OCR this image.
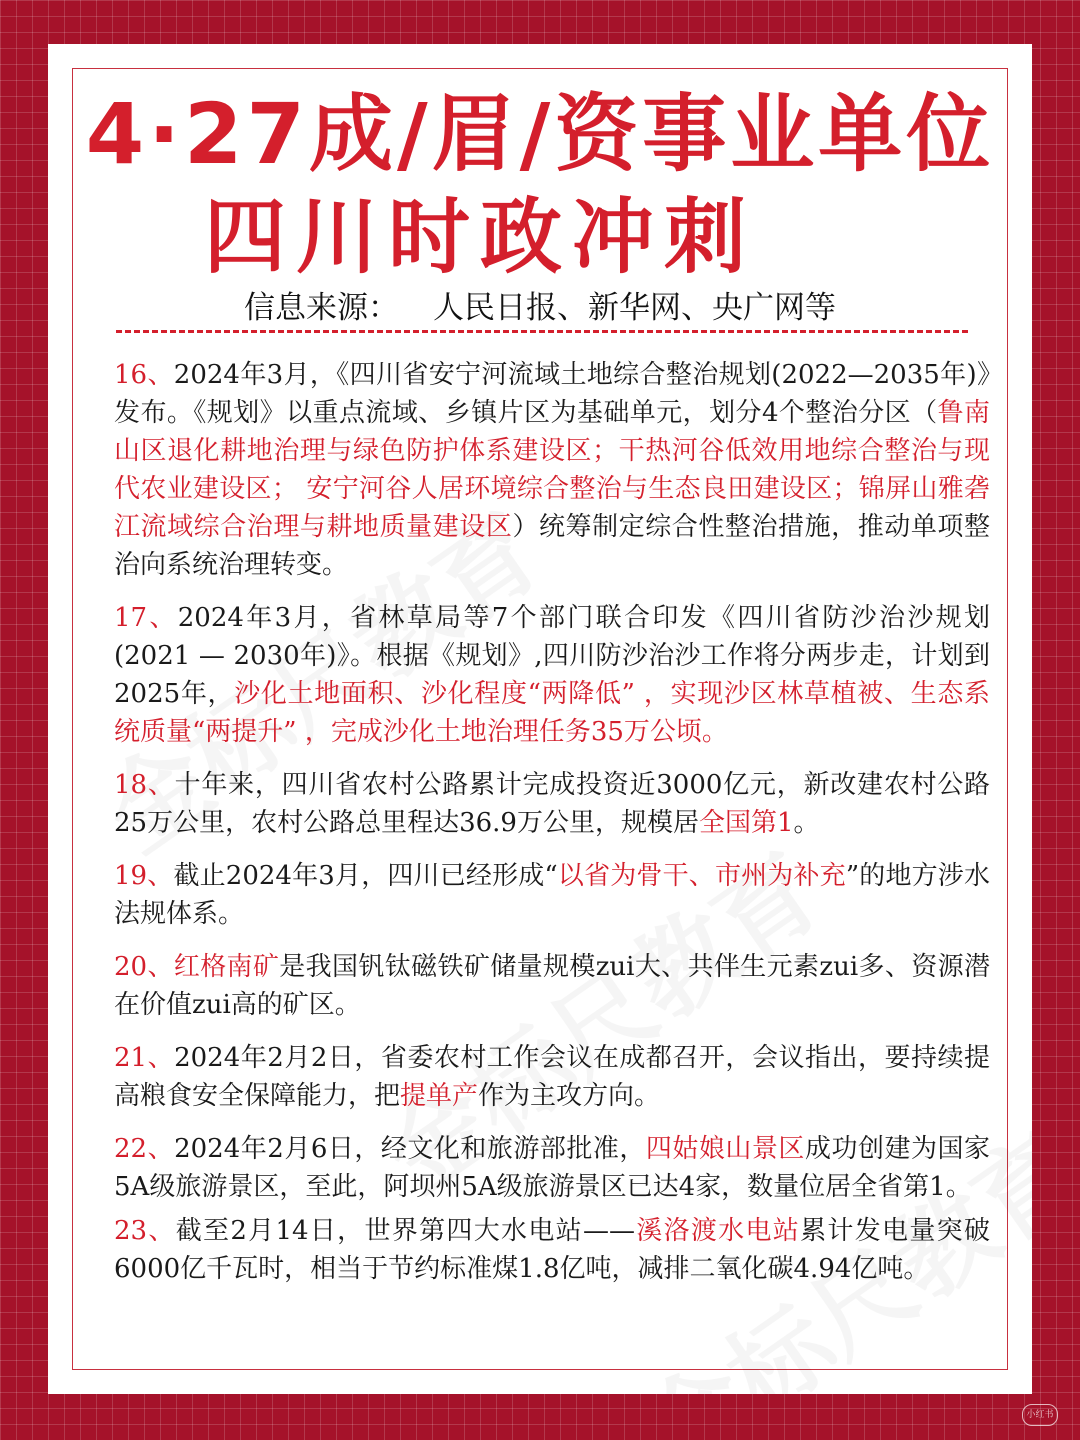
4·27成/眉/资事业单位
四川时政冲刺
信息来源： 人民日报、新华网、央广网等

16、2024年3月，《四川省安宁河流域土地综合整治规划(2022—2035年)》发布。《规划》以重点流域、乡镇片区为基础单元，划分4个整治分区（鲁南山区退化耕地治理与绿色防护体系建设区；干热河谷低效用地综合整治与现代农业建设区； 安宁河谷人居环境综合整治与生态良田建设区；锦屏山雅砻江流域综合治理与耕地质量建设区）统筹制定综合性整治措施，推动单项整治向系统治理转变。

17、2024年3月，省林草局等7个部门联合印发《四川省防沙治沙规划(2021 — 2030年)》。根据《规划》,四川防沙治沙工作将分两步走，计划到2025年，沙化土地面积、沙化程度“两降低” ，实现沙区林草植被、生态系统质量“两提升” ，完成沙化土地治理任务35万公顷。

18、十年来，四川省农村公路累计完成投资近3000亿元，新改建农村公路25万公里，农村公路总里程达36.9万公里，规模居全国第1。

19、截止2024年3月，四川已经形成“以省为骨干、市州为补充”的地方涉水法规体系。

20、红格南矿是我国钒钛磁铁矿储量规模zui大、共伴生元素zui多、资源潜在价值zui高的矿区。

21、2024年2月2日，省委农村工作会议在成都召开，会议指出，要持续提高粮食安全保障能力，把提单产作为主攻方向。

22、2024年2月6日，经文化和旅游部批准，四姑娘山景区成功创建为国家5A级旅游景区，至此，阿坝州5A级旅游景区已达4家，数量位居全省第1。

23、截至2月14日，世界第四大水电站——溪洛渡水电站累计发电量突破6000亿千瓦时，相当于节约标准煤1.8亿吨，减排二氧化碳4.94亿吨。

小红书
